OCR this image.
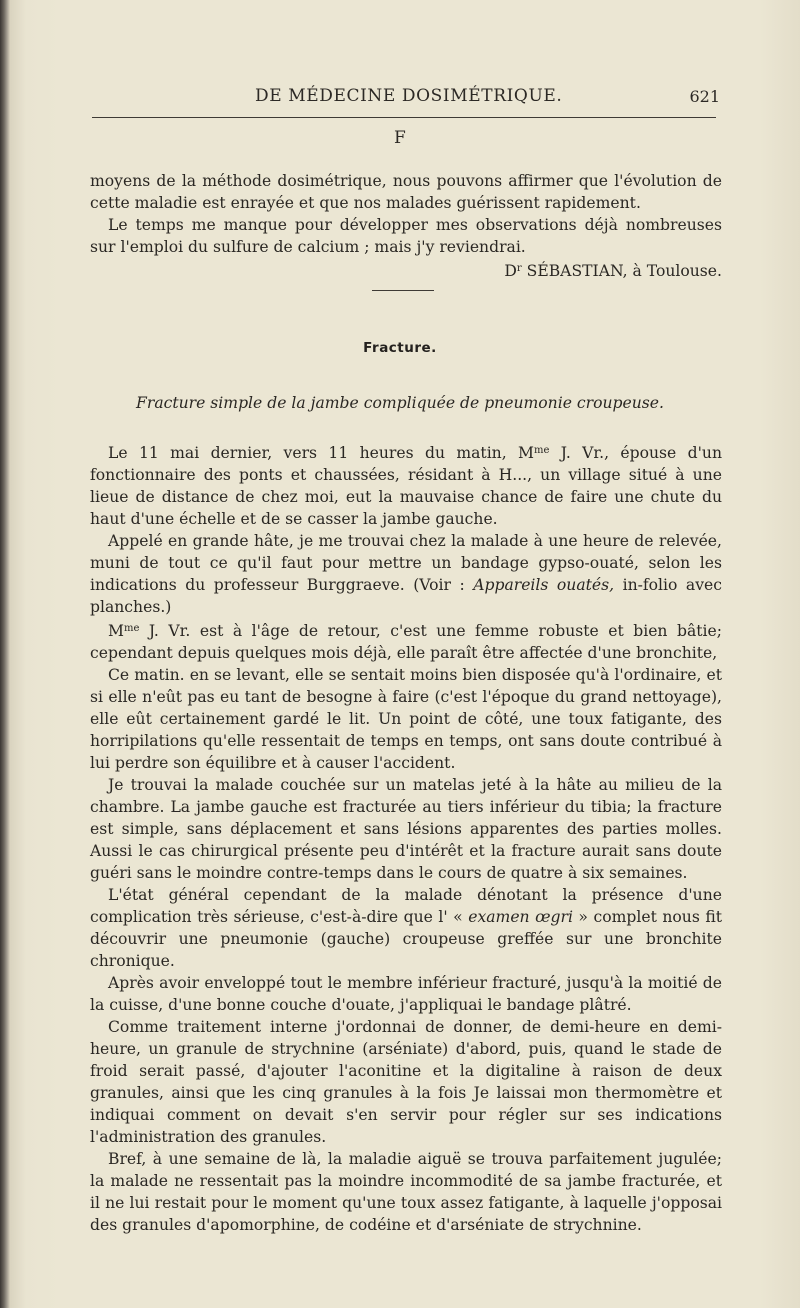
DE MÉDECINE DOSIMÉTRIQUE.	621
F

moyens de la méthode dosimétrique, nous pouvons affirmer que l'évolution de cette maladie est enrayée et que nos malades guérissent rapidement.

Le temps me manque pour développer mes observations déjà nombreuses sur l'emploi du sulfure de calcium ; mais j'y reviendrai.
$D^r$ SÉBASTIAN, à Toulouse.

Fracture.
Fracture simple de la jambe compliquée de pneumonie croupeuse.

Le 11 mai dernier, vers 11 heures du matin, $M^{me}$ J. Vr., épouse d'un fonctionnaire des ponts et chaussées, résidant à H..., un village situé à une lieue de distance de chez moi, eut la mauvaise chance de faire une chute du haut d'une échelle et de se casser la jambe gauche.

Appelé en grande hâte, je me trouvai chez la malade à une heure de relevée, muni de tout ce qu'il faut pour mettre un bandage gypso-ouaté, selon les indications du professeur Burggraeve. (Voir : Appareils ouatés, in-folio avec planches.)

$M^{me}$ J. Vr. est à l'âge de retour, c'est une femme robuste et bien bâtie; cependant depuis quelques mois déjà, elle paraît être affectée d'une bronchite,

Ce matin. en se levant, elle se sentait moins bien disposée qu'à l'ordinaire, et si elle n'eût pas eu tant de besogne à faire (c'est l'époque du grand nettoyage), elle eût certainement gardé le lit. Un point de côté, une toux fatigante, des horripilations qu'elle ressentait de temps en temps, ont sans doute contribué à lui perdre son équilibre et à causer l'accident.

Je trouvai la malade couchée sur un matelas jeté à la hâte au milieu de la chambre. La jambe gauche est fracturée au tiers inférieur du tibia; la fracture est simple, sans déplacement et sans lésions apparentes des parties molles. Aussi le cas chirurgical présente peu d'intérêt et la fracture aurait sans doute guéri sans le moindre contre-temps dans le cours de quatre à six semaines.

L'état général cependant de la malade dénotant la présence d'une complication très sérieuse, c'est-à-dire que l' « examen œgri » complet nous fit découvrir une pneumonie (gauche) croupeuse greffée sur une bronchite chronique.

Après avoir enveloppé tout le membre inférieur fracturé, jusqu'à la moitié de la cuisse, d'une bonne couche d'ouate, j'appliquai le bandage plâtré.

Comme traitement interne j'ordonnai de donner, de demi-heure en demi-heure, un granule de strychnine (arséniate) d'abord, puis, quand le stade de froid serait passé, d'ajouter l'aconitine et la digitaline à raison de deux granules, ainsi que les cinq granules à la fois Je laissai mon thermomètre et indiquai comment on devait s'en servir pour régler sur ses indications l'administration des granules.

Bref, à une semaine de là, la maladie aiguë se trouva parfaitement jugulée; la malade ne ressentait pas la moindre incommodité de sa jambe fracturée, et il ne lui restait pour le moment qu'une toux assez fatigante, à laquelle j'opposai des granules d'apomorphine, de codéine et d'arséniate de strychnine.
